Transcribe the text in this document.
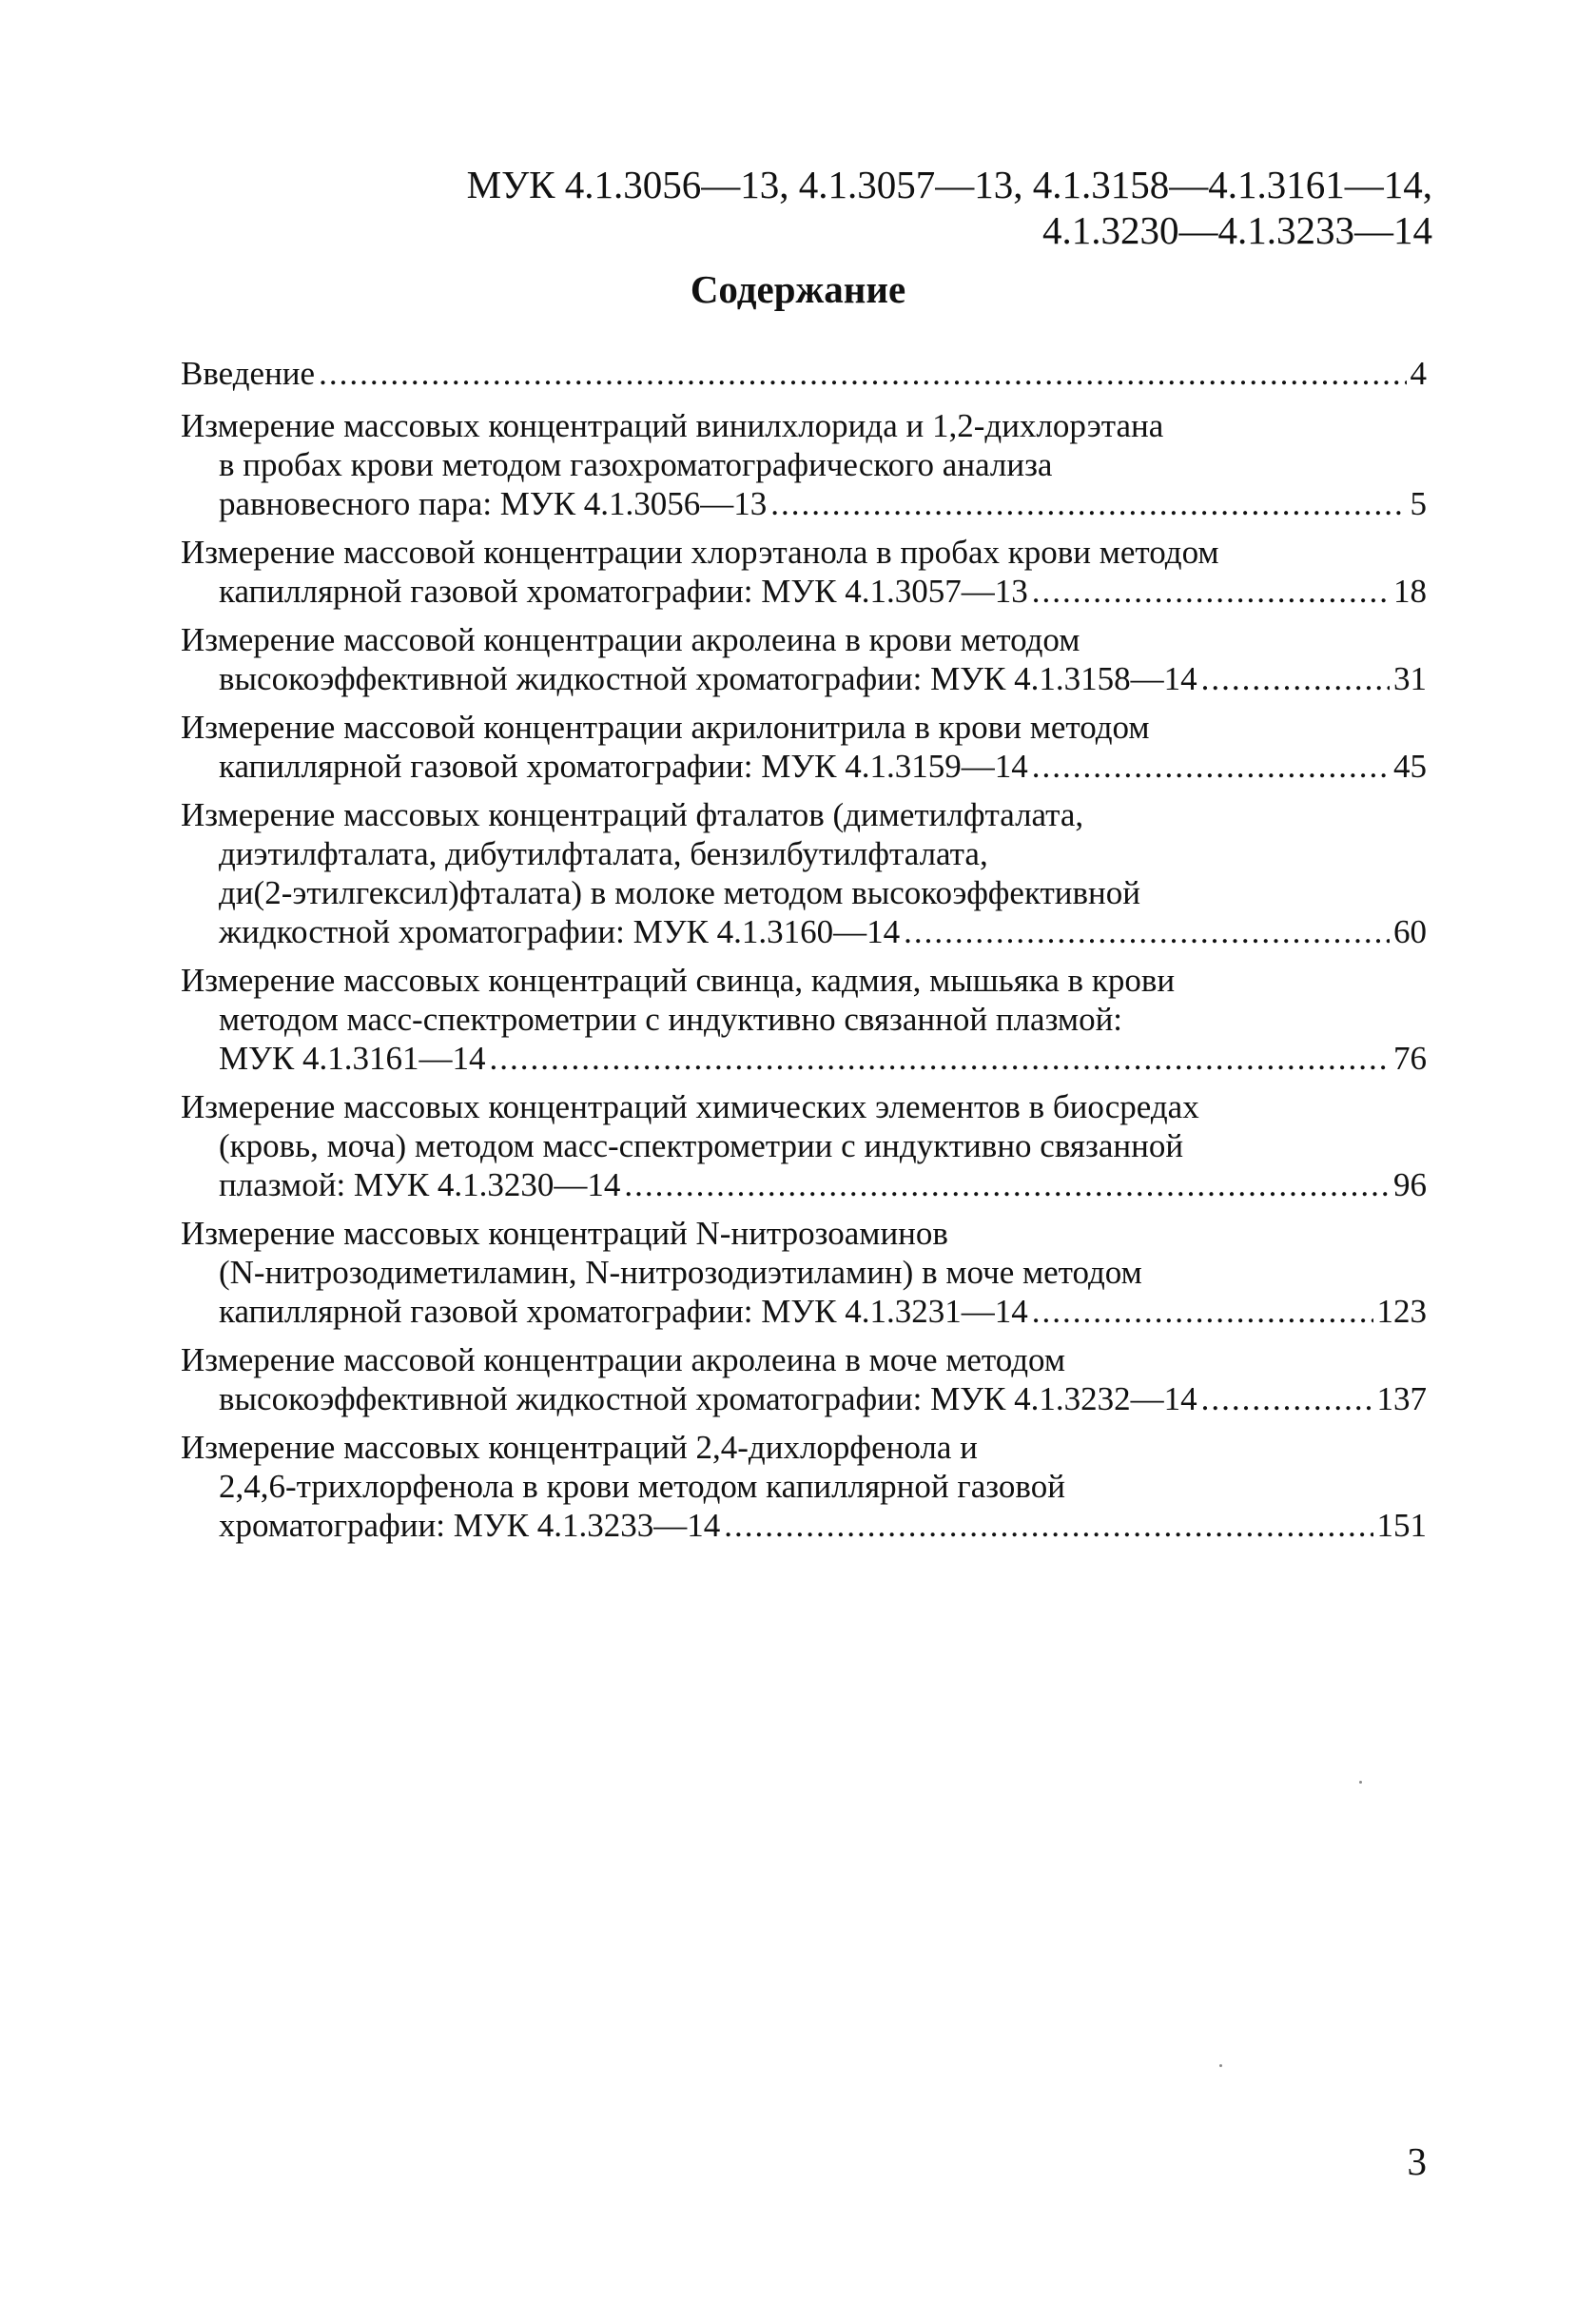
МУК 4.1.3056—13, 4.1.3057—13, 4.1.3158—4.1.3161—14,
4.1.3230—4.1.3233—14
Содержание
Введение .....	4
Измерение массовых концентраций винилхлорида и 1,2-дихлорэтана
в пробах крови методом газохроматографического анализа
равновесного пара: МУК 4.1.3056—13 .....	5
Измерение массовой концентрации хлорэтанола в пробах крови методом
капиллярной газовой хроматографии: МУК 4.1.3057—13 .....	18
Измерение массовой концентрации акролеина в крови методом
высокоэффективной жидкостной хроматографии: МУК 4.1.3158—14 .....	31
Измерение массовой концентрации акрилонитрила в крови методом
капиллярной газовой хроматографии: МУК 4.1.3159—14 .....	45
Измерение массовых концентраций фталатов (диметилфталата,
диэтилфталата, дибутилфталата, бензилбутилфталата,
ди(2-этилгексил)фталата) в молоке методом высокоэффективной
жидкостной хроматографии: МУК 4.1.3160—14 .....	60
Измерение массовых концентраций свинца, кадмия, мышьяка в крови
методом масс-спектрометрии с индуктивно связанной плазмой:
МУК 4.1.3161—14 .....	76
Измерение массовых концентраций химических элементов в биосредах
(кровь, моча) методом масс-спектрометрии с индуктивно связанной
плазмой: МУК 4.1.3230—14 .....	96
Измерение массовых концентраций N-нитрозоаминов
(N-нитрозодиметиламин, N-нитрозодиэтиламин) в моче методом
капиллярной газовой хроматографии: МУК 4.1.3231—14 .....	123
Измерение массовой концентрации акролеина в моче методом
высокоэффективной жидкостной хроматографии: МУК 4.1.3232—14 .....	137
Измерение массовых концентраций 2,4-дихлорфенола и
2,4,6-трихлорфенола в крови методом капиллярной газовой
хроматографии: МУК 4.1.3233—14 .....	151
3
